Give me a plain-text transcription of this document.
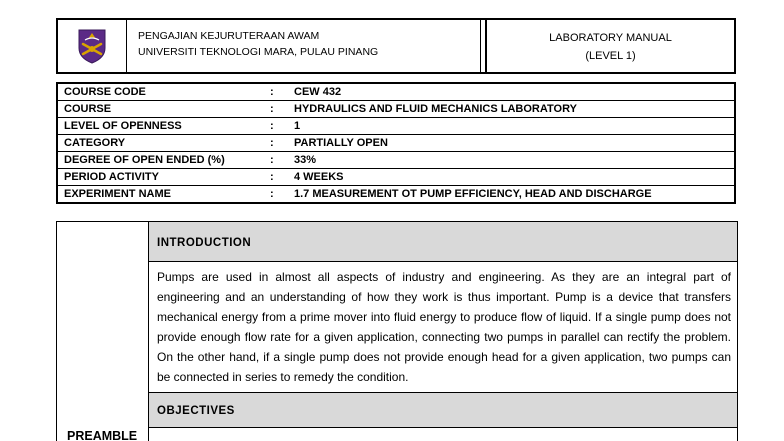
PENGAJIAN KEJURUTERAAN AWAM
UNIVERSITI TEKNOLOGI MARA, PULAU PINANG
LABORATORY MANUAL
(LEVEL 1)
COURSE CODE	:	CEW 432
COURSE	:	HYDRAULICS AND FLUID MECHANICS LABORATORY
LEVEL OF OPENNESS	:	1
CATEGORY	:	PARTIALLY OPEN
DEGREE OF OPEN ENDED (%)	:	33%
PERIOD ACTIVITY	:	4 WEEKS
EXPERIMENT NAME	:	1.7 MEASUREMENT OT PUMP EFFICIENCY, HEAD AND DISCHARGE
PREAMBLE
INTRODUCTION
Pumps are used in almost all aspects of industry and engineering. As they are an integral part of engineering and an understanding of how they work is thus important. Pump is a device that transfers mechanical energy from a prime mover into fluid energy to produce flow of liquid. If a single pump does not provide enough flow rate for a given application, connecting two pumps in parallel can rectify the problem. On the other hand, if a single pump does not provide enough head for a given application, two pumps can be connected in series to remedy the condition.
OBJECTIVES
